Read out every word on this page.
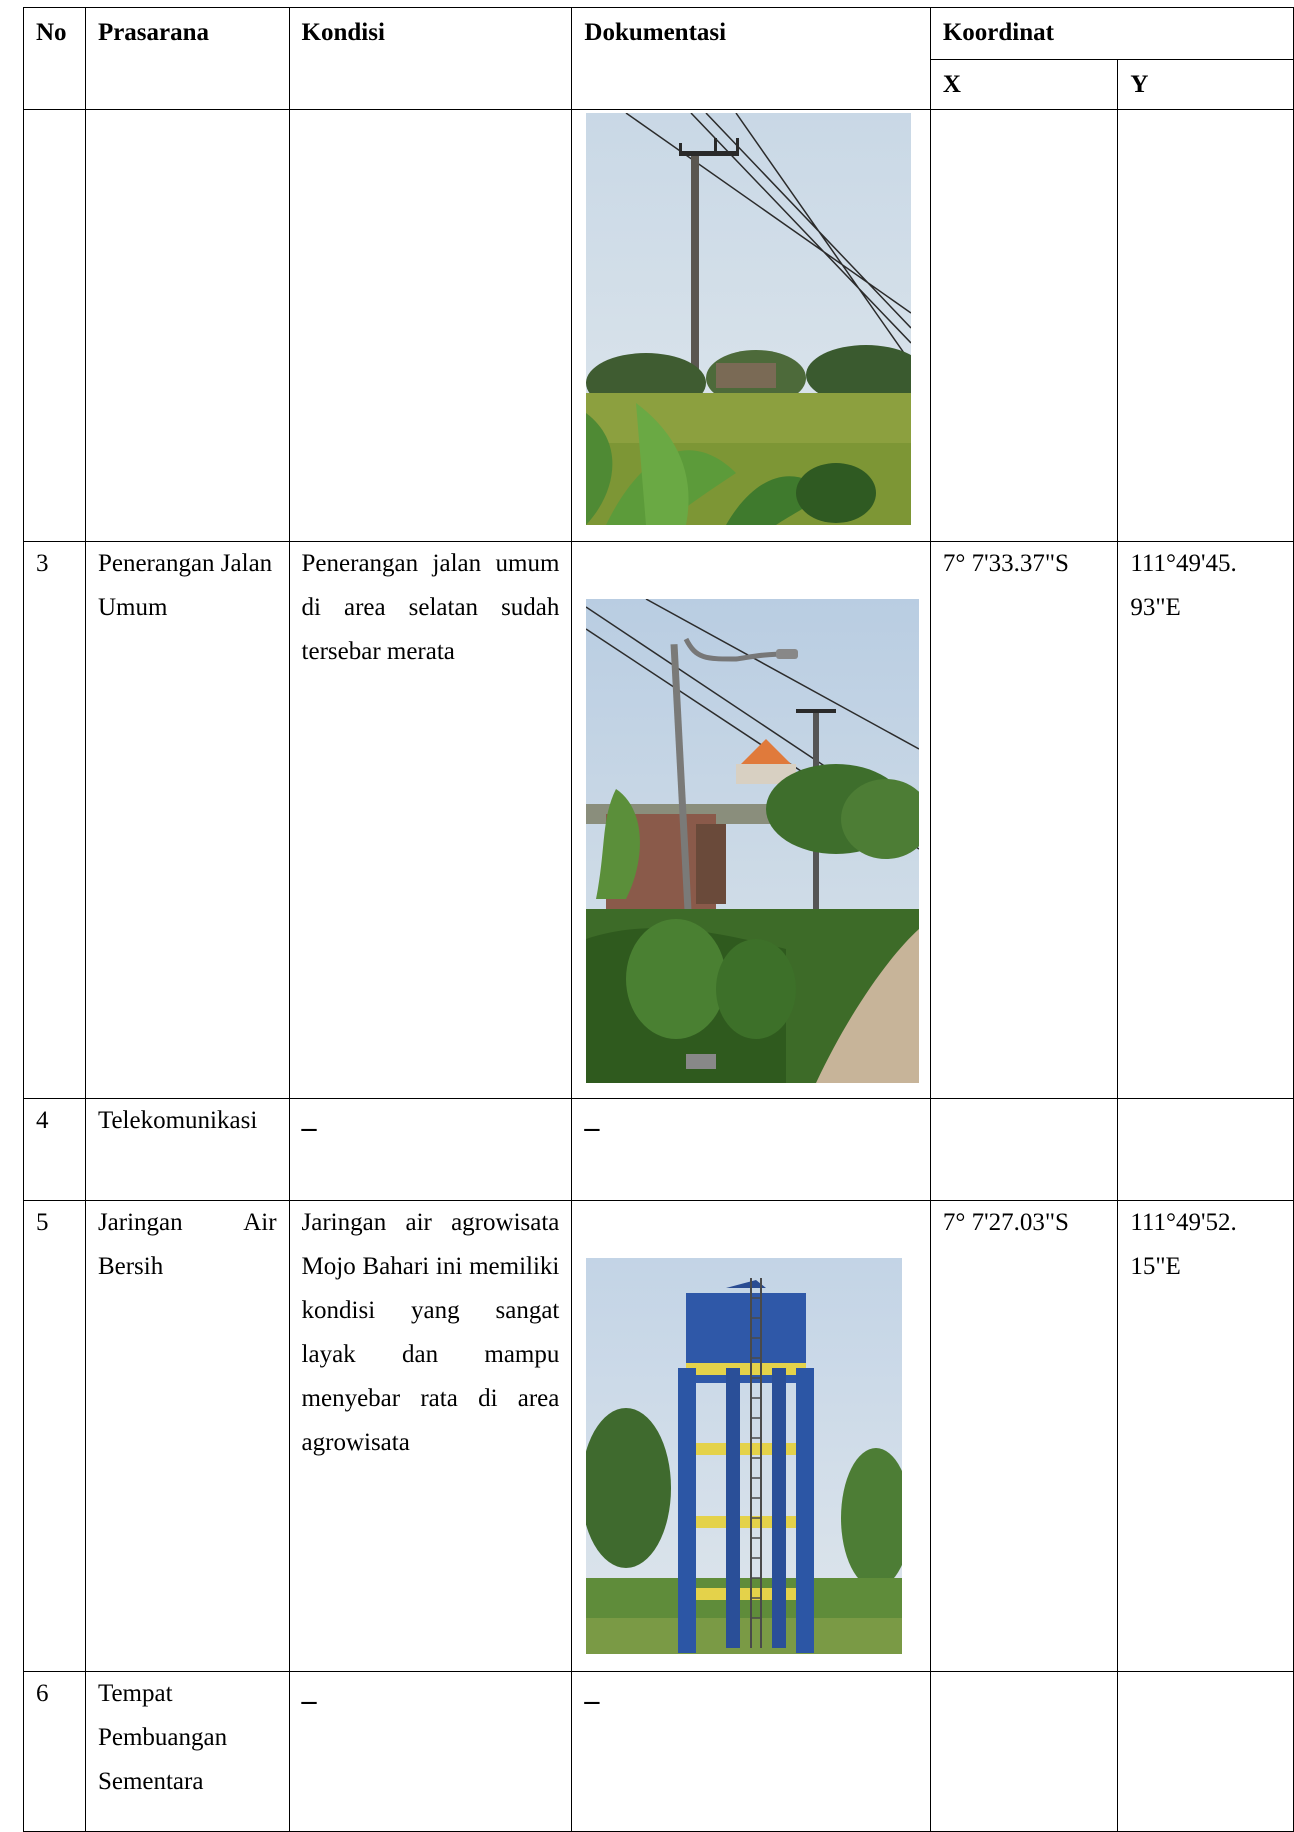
No	Prasarana	Kondisi	Dokumentasi	Koordinat	

				X	Y

3	Penerangan Jalan Umum	Penerangan jalan umum di area selatan sudah tersebar merata		7° 7'33.37"S	111°49'45. 93"E

4	Telekomunikasi	–	–		

5	Jaringan Air Bersih	Jaringan air agrowisata Mojo Bahari ini memiliki kondisi yang sangat layak dan mampu menyebar rata di area agrowisata		7° 7'27.03"S	111°49'52. 15"E

6	Tempat Pembuangan Sementara	–	–		
